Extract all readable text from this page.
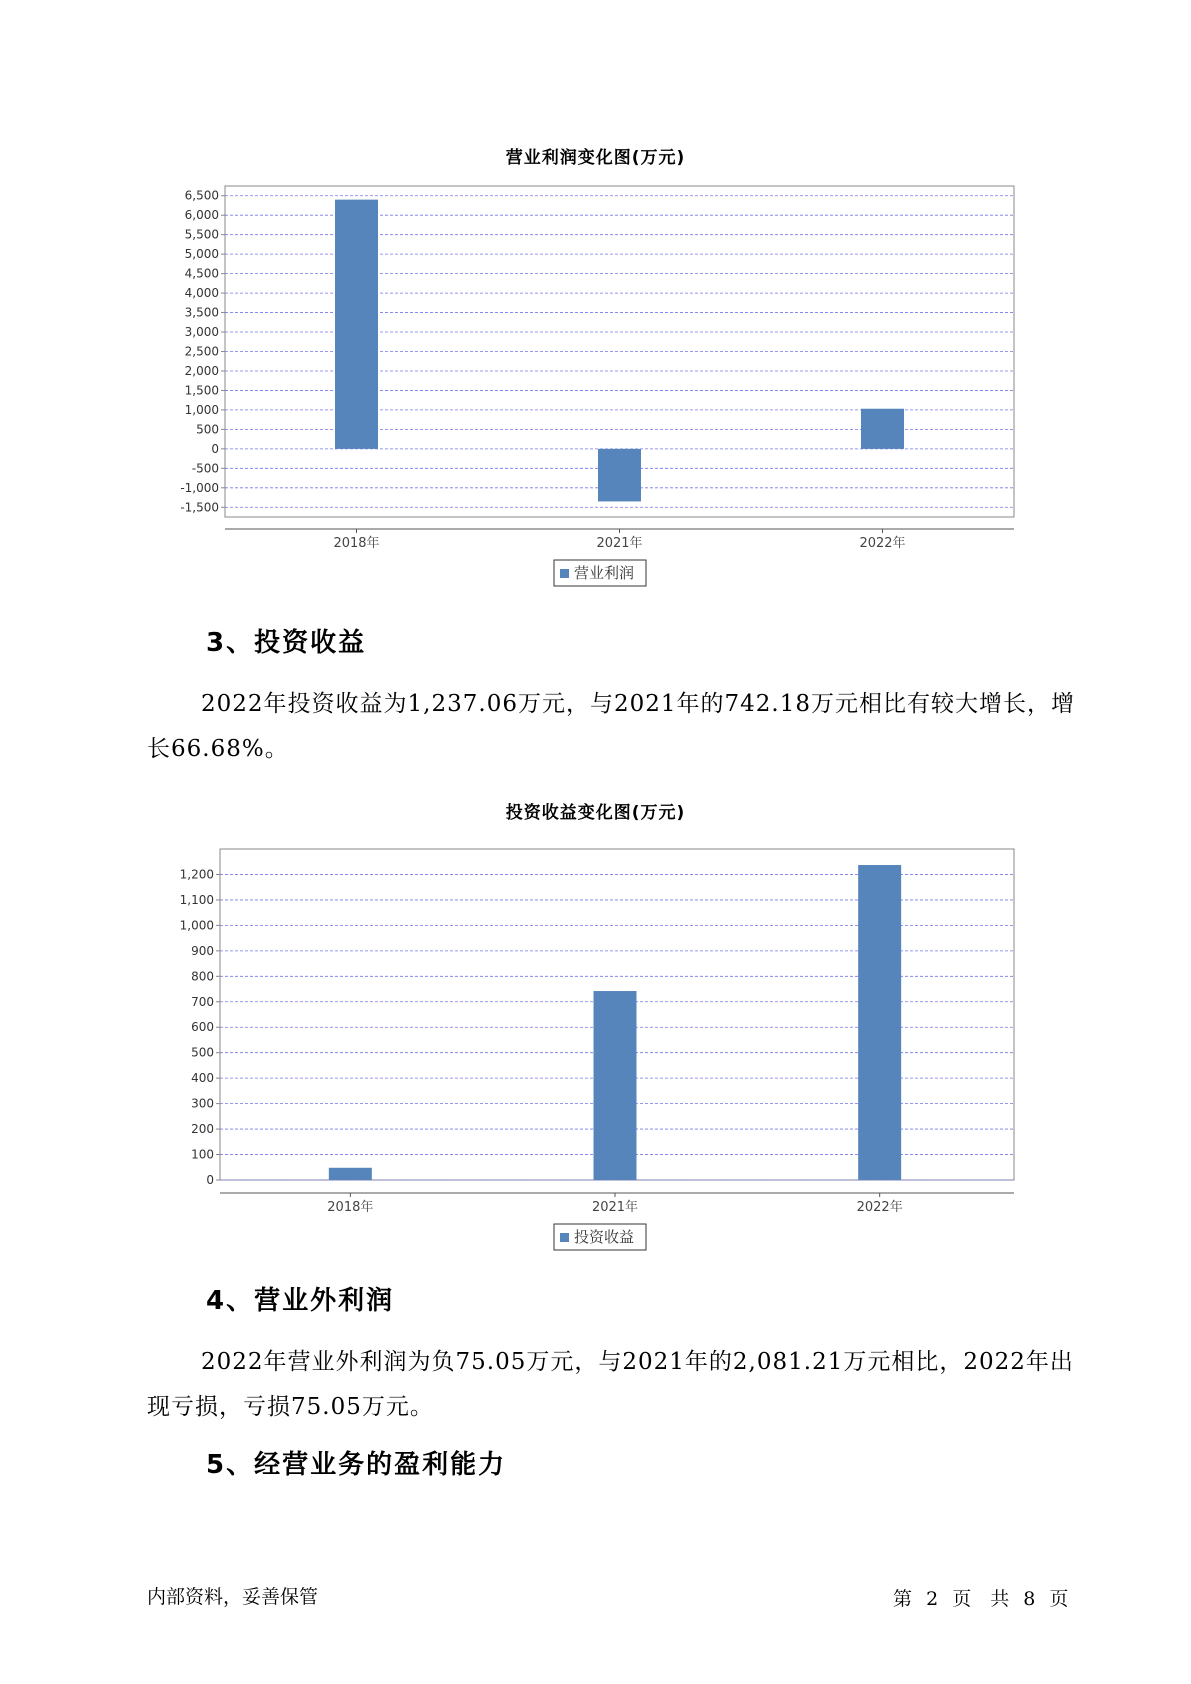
营业利润变化图(万元)
6,500
6,000
5,500
5,000
4,500
4,000
3,500
3,000
2,500
2,000
1,500
1,000
500
0
-500
-1,000
-1,500
2018年	2021年	2022年
营业利润
3、投资收益
2022年投资收益为1,237.06万元，与2021年的742.18万元相比有较大增长，增长66.68%。
投资收益变化图(万元)
1,200
1,100
1,000
900
800
700
600
500
400
300
200
100
0
2018年	2021年	2022年
投资收益
4、营业外利润
2022年营业外利润为负75.05万元，与2021年的2,081.21万元相比，2022年出现亏损，亏损75.05万元。
5、经营业务的盈利能力
内部资料，妥善保管	第 2 页　共 8 页
